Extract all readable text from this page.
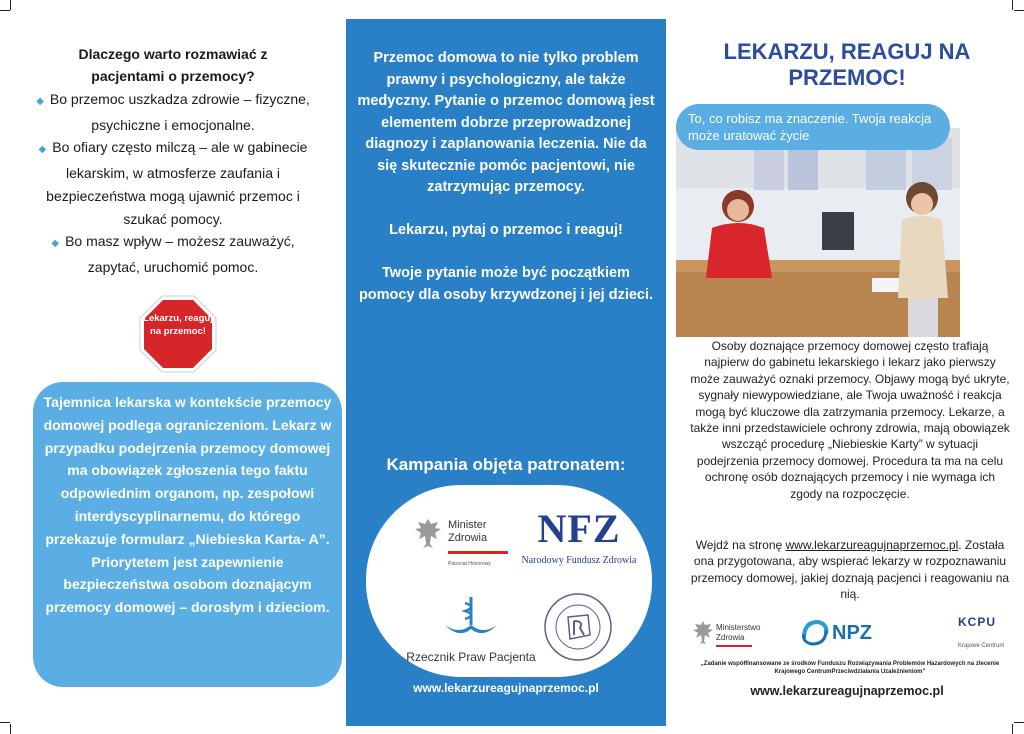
Dlaczego warto rozmawiać z pacjentami o przemocy?
◆ Bo przemoc uszkadza zdrowie – fizyczne, psychiczne i emocjonalne.
◆ Bo ofiary często milczą – ale w gabinecie lekarskim, w atmosferze zaufania i bezpieczeństwa mogą ujawnić przemoc i szukać pomocy.
◆ Bo masz wpływ – możesz zauważyć, zapytać, uruchomić pomoc.
Lekarzu, reaguj na przemoc!
Tajemnica lekarska w kontekście przemocy domowej podlega ograniczeniom. Lekarz w przypadku podejrzenia przemocy domowej ma obowiązek zgłoszenia tego faktu odpowiednim organom, np. zespołowi interdyscyplinarnemu, do którego przekazuje formularz „Niebieska Karta- A”. Priorytetem jest zapewnienie bezpieczeństwa osobom doznającym przemocy domowej – dorosłym i dzieciom.

Przemoc domowa to nie tylko problem prawny i psychologiczny, ale także medyczny. Pytanie o przemoc domową jest elementem dobrze przeprowadzonej diagnozy i zaplanowania leczenia. Nie da się skutecznie pomóc pacjentowi, nie zatrzymując przemocy.

Lekarzu, pytaj o przemoc i reaguj!

Twoje pytanie może być początkiem pomocy dla osoby krzywdzonej i jej dzieci.

Kampania objęta patronatem:
Minister
Zdrowia
Patronat Honorowy
NFZ
Narodowy Fundusz Zdrowia
Rzecznik Praw Pacjenta
www.lekarzureagujnaprzemoc.pl
LEKARZU, REAGUJ NA PRZEMOC!
To, co robisz ma znaczenie. Twoja reakcja może uratować życie

Osoby doznające przemocy domowej często trafiają najpierw do gabinetu lekarskiego i lekarz jako pierwszy może zauważyć oznaki przemocy. Objawy mogą być ukryte, sygnały niewypowiedziane, ale Twoja uważność i reakcja mogą być kluczowe dla zatrzymania przemocy. Lekarze, a także inni przedstawiciele ochrony zdrowia, mają obowiązek wszcząć procedurę „Niebieskie Karty” w sytuacji podejrzenia przemocy domowej. Procedura ta ma na celu ochronę osób doznających przemocy i nie wymaga ich zgody na rozpoczęcie.

Wejdź na stronę www.lekarzureagujnaprzemoc.pl. Została ona przygotowana, aby wspierać lekarzy w rozpoznawaniu przemocy domowej, jakiej doznają pacjenci i reagowaniu na nią.

Ministerstwo
Zdrowia	NPZ	KCPU
Krajowe Centrum
„Zadanie współfinansowane ze środków Funduszu Rozwiązywania Problemów Hazardowych na zlecenie Krajowego CentrumPrzeciwdziałania Uzależnieniom”
www.lekarzureagujnaprzemoc.pl
